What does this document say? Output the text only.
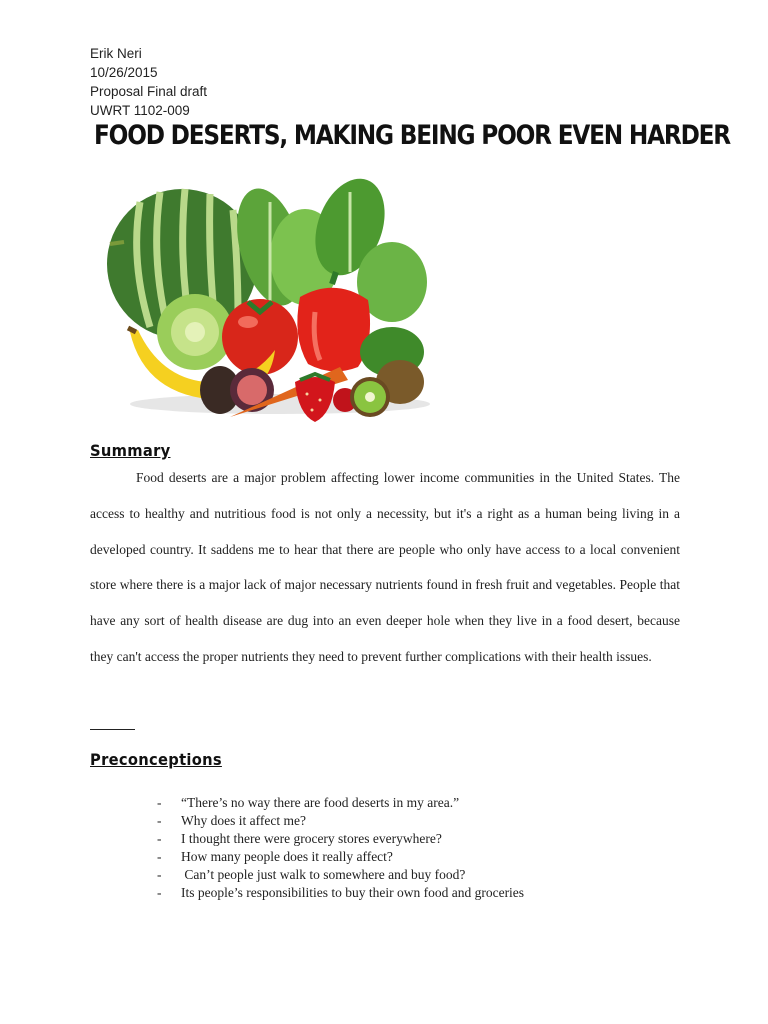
Erik Neri
10/26/2015
Proposal Final draft
UWRT 1102-009
FOOD DESERTS, MAKING BEING POOR EVEN HARDER
Summary
Food deserts are a major problem affecting lower income communities in the United States. The access to healthy and nutritious food is not only a necessity, but it's a right as a human being living in a developed country. It saddens me to hear that there are people who only have access to a local convenient store where there is a major lack of major necessary nutrients found in fresh fruit and vegetables. People that have any sort of health disease are dug into an even deeper hole when they live in a food desert, because they can't access the proper nutrients they need to prevent further complications with their health issues.
Preconceptions
- “There’s no way there are food deserts in my area.”
- Why does it affect me?
- I thought there were grocery stores everywhere?
- How many people does it really affect?
- Can’t people just walk to somewhere and buy food?
- Its people’s responsibilities to buy their own food and groceries
